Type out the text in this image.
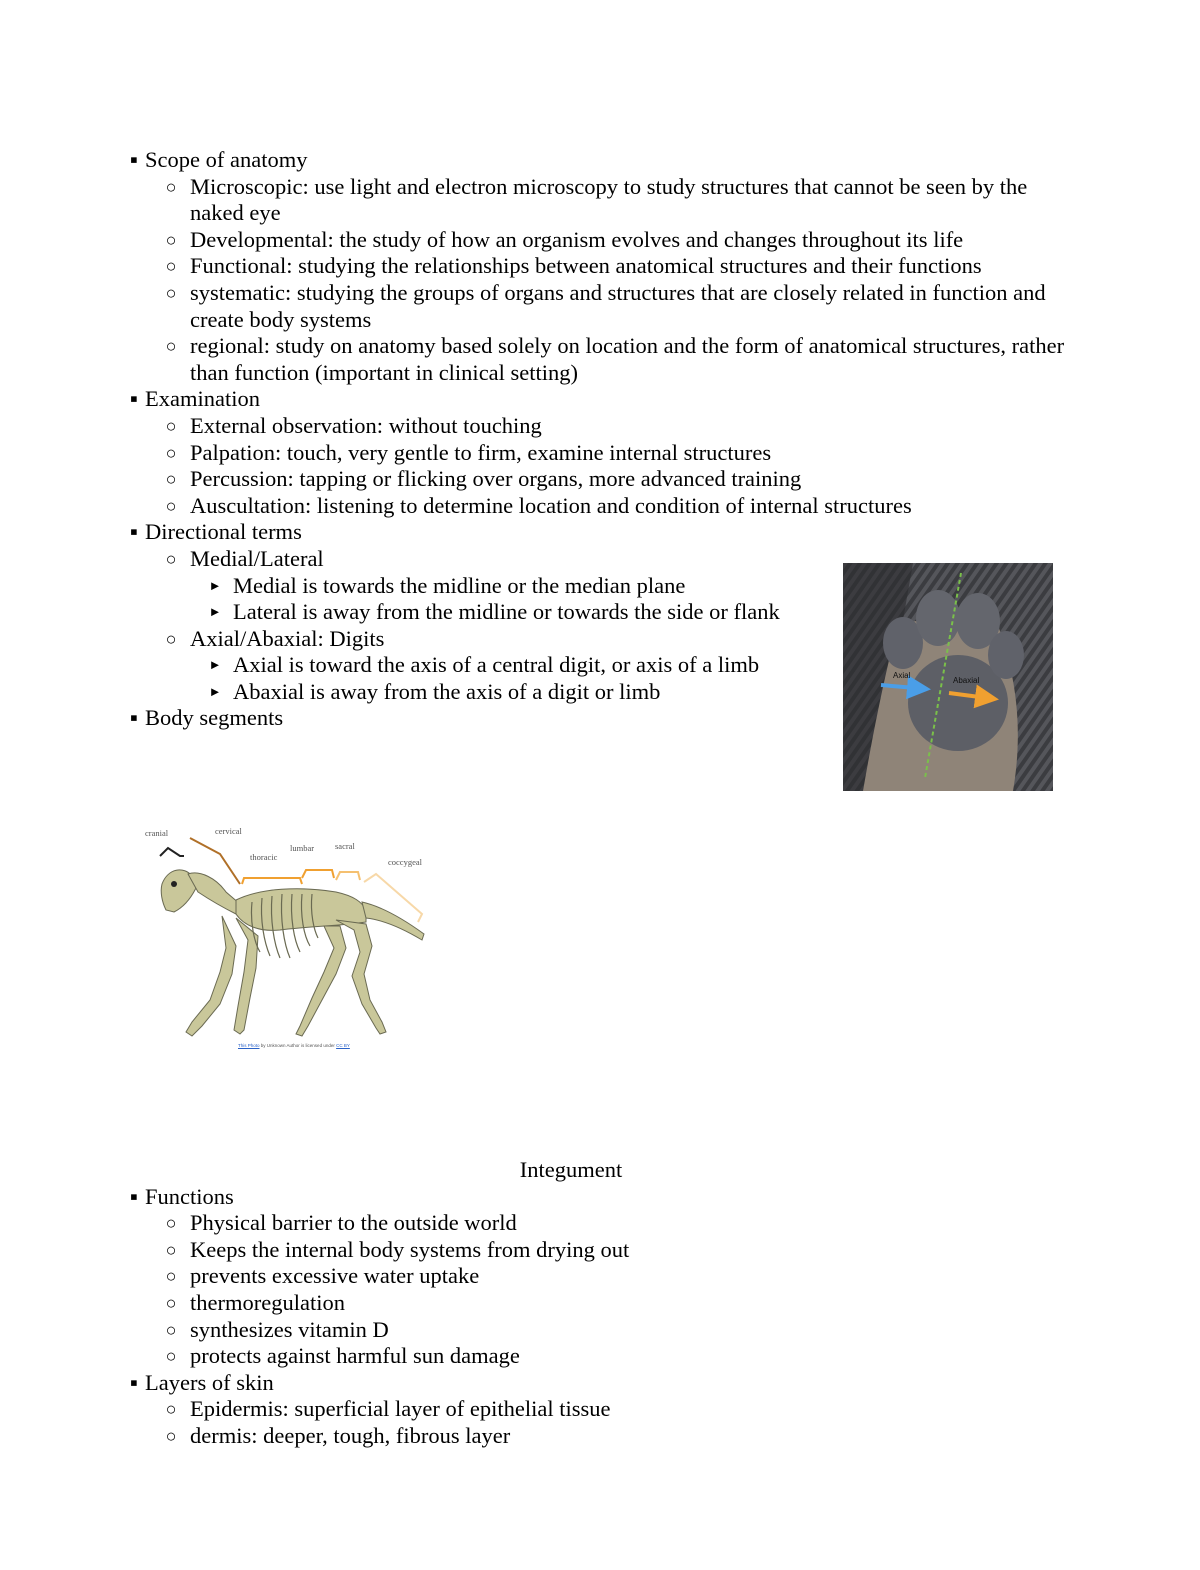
▪ Scope of anatomy
○ Microscopic: use light and electron microscopy to study structures that cannot be seen by the naked eye
○ Developmental: the study of how an organism evolves and changes throughout its life
○ Functional: studying the relationships between anatomical structures and their functions
○ systematic: studying the groups of organs and structures that are closely related in function and create body systems
○ regional: study on anatomy based solely on location and the form of anatomical structures, rather than function (important in clinical setting)
▪ Examination
○ External observation: without touching
○ Palpation: touch, very gentle to firm, examine internal structures
○ Percussion: tapping or flicking over organs, more advanced training
○ Auscultation: listening to determine location and condition of internal structures
▪ Directional terms
○ Medial/Lateral
► Medial is towards the midline or the median plane
► Lateral is away from the midline or towards the side or flank
○ Axial/Abaxial: Digits
► Axial is toward the axis of a central digit, or axis of a limb
► Abaxial is away from the axis of a digit or limb
▪ Body segments
Axial
Abaxial
cranial	cervical
thoracic
lumbar sacral
coccygeal
This Photo by Unknown Author is licensed under CC BY
Integument
▪ Functions
○ Physical barrier to the outside world
○ Keeps the internal body systems from drying out
○ prevents excessive water uptake
○ thermoregulation
○ synthesizes vitamin D
○ protects against harmful sun damage
▪ Layers of skin
○ Epidermis: superficial layer of epithelial tissue
○ dermis: deeper, tough, fibrous layer
